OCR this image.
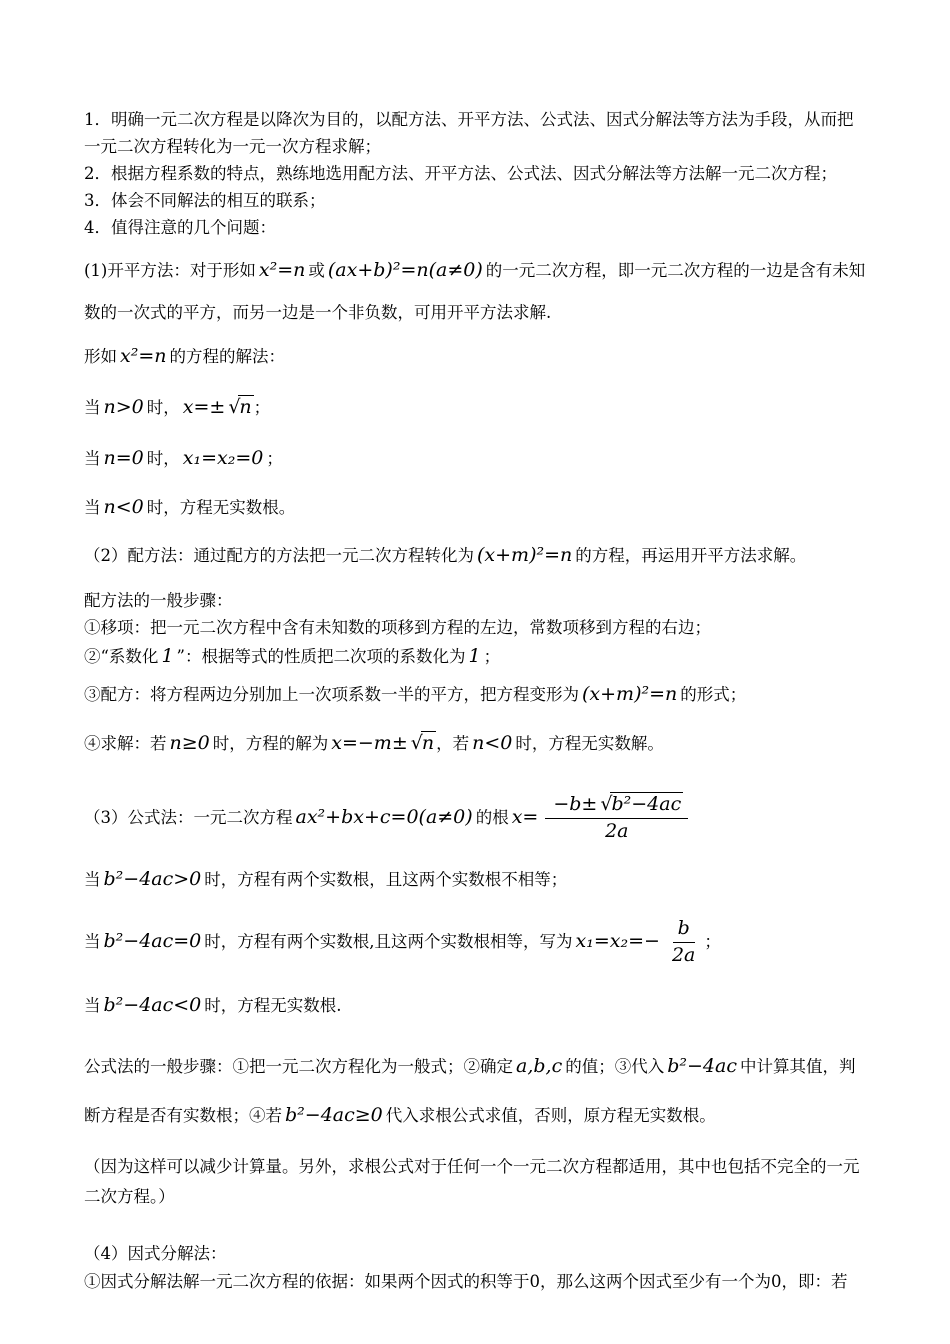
1．明确一元二次方程是以降次为目的，以配方法、开平方法、公式法、因式分解法等方法为手段，从而把一元二次方程转化为一元一次方程求解；

2．根据方程系数的特点，熟练地选用配方法、开平方法、公式法、因式分解法等方法解一元二次方程；

3．体会不同解法的相互的联系；

4．值得注意的几个问题：

(1)开平方法：对于形如 x²=n 或 (ax+b)²=n(a≠0) 的一元二次方程，即一元二次方程的一边是含有未知数的一次式的平方，而另一边是一个非负数，可用开平方法求解.

形如 x²=n 的方程的解法：

当 n>0 时， x=± √n ；

当 n=0 时， x₁=x₂=0 ；

当 n<0 时，方程无实数根。

（2）配方法：通过配方的方法把一元二次方程转化为 (x+m)²=n 的方程，再运用开平方法求解。

配方法的一般步骤：

①移项：把一元二次方程中含有未知数的项移到方程的左边，常数项移到方程的右边；

②“系数化 1 ”：根据等式的性质把二次项的系数化为 1 ；

③配方：将方程两边分别加上一次项系数一半的平方，把方程变形为 (x+m)²=n 的形式；

④求解：若 n≥0 时，方程的解为 x=−m± √n ，若 n<0 时，方程无实数解。

（3）公式法：一元二次方程 ax²+bx+c=0(a≠0) 的根 $x= \frac{\text{−b± √b²−4ac}}{2a}$

当 b²−4ac>0 时，方程有两个实数根，且这两个实数根不相等；

当 b²−4ac=0 时，方程有两个实数根,且这两个实数根相等，写为 $x_1=x_2=- \frac{b}{2a}$ ；

当 b²−4ac<0 时，方程无实数根.

公式法的一般步骤：①把一元二次方程化为一般式；②确定 a,b,c 的值；③代入 b²−4ac 中计算其值，判断方程是否有实数根；④若 b²−4ac≥0 代入求根公式求值，否则，原方程无实数根。

（因为这样可以减少计算量。另外，求根公式对于任何一个一元二次方程都适用，其中也包括不完全的一元二次方程。）

（4）因式分解法：

①因式分解法解一元二次方程的依据：如果两个因式的积等于0，那么这两个因式至少有一个为0，即：若
